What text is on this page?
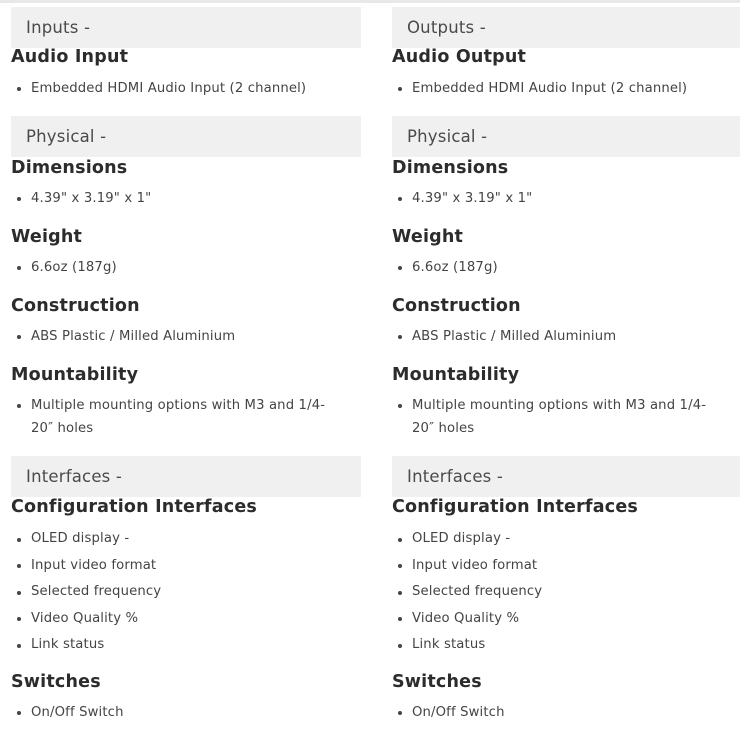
Inputs -
Audio Input
Embedded HDMI Audio Input (2 channel)
Physical -
Dimensions
4.39" x 3.19" x 1"
Weight
6.6oz (187g)
Construction
ABS Plastic / Milled Aluminium
Mountability
Multiple mounting options with M3 and 1/4-20″ holes
Interfaces -
Configuration Interfaces
OLED display -
Input video format
Selected frequency
Video Quality %
Link status
Switches
On/Off Switch
Outputs -
Audio Output
Embedded HDMI Audio Input (2 channel)
Physical -
Dimensions
4.39" x 3.19" x 1"
Weight
6.6oz (187g)
Construction
ABS Plastic / Milled Aluminium
Mountability
Multiple mounting options with M3 and 1/4-20″ holes
Interfaces -
Configuration Interfaces
OLED display -
Input video format
Selected frequency
Video Quality %
Link status
Switches
On/Off Switch
